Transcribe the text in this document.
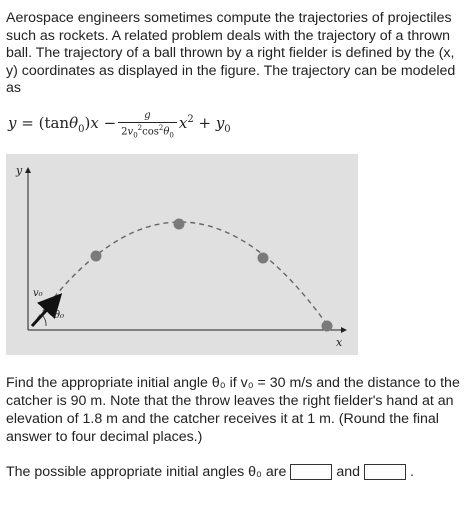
Aerospace engineers sometimes compute the trajectories of projectiles such as rockets. A related problem deals with the trajectory of a thrown ball. The trajectory of a ball thrown by a right fielder is defined by the (x, y) coordinates as displayed in the figure. The trajectory can be modeled as

$y = (\tan\theta_0)x - \frac{g}{2v_0^2\cos^2\theta_0} x^2 + y_0$
y
x
v₀
θ₀

Find the appropriate initial angle θ₀ if v₀ = 30 m/s and the distance to the catcher is 90 m. Note that the throw leaves the right fielder's hand at an elevation of 1.8 m and the catcher receives it at 1 m. (Round the final answer to four decimal places.)

The possible appropriate initial angles θ₀ are	and	.
